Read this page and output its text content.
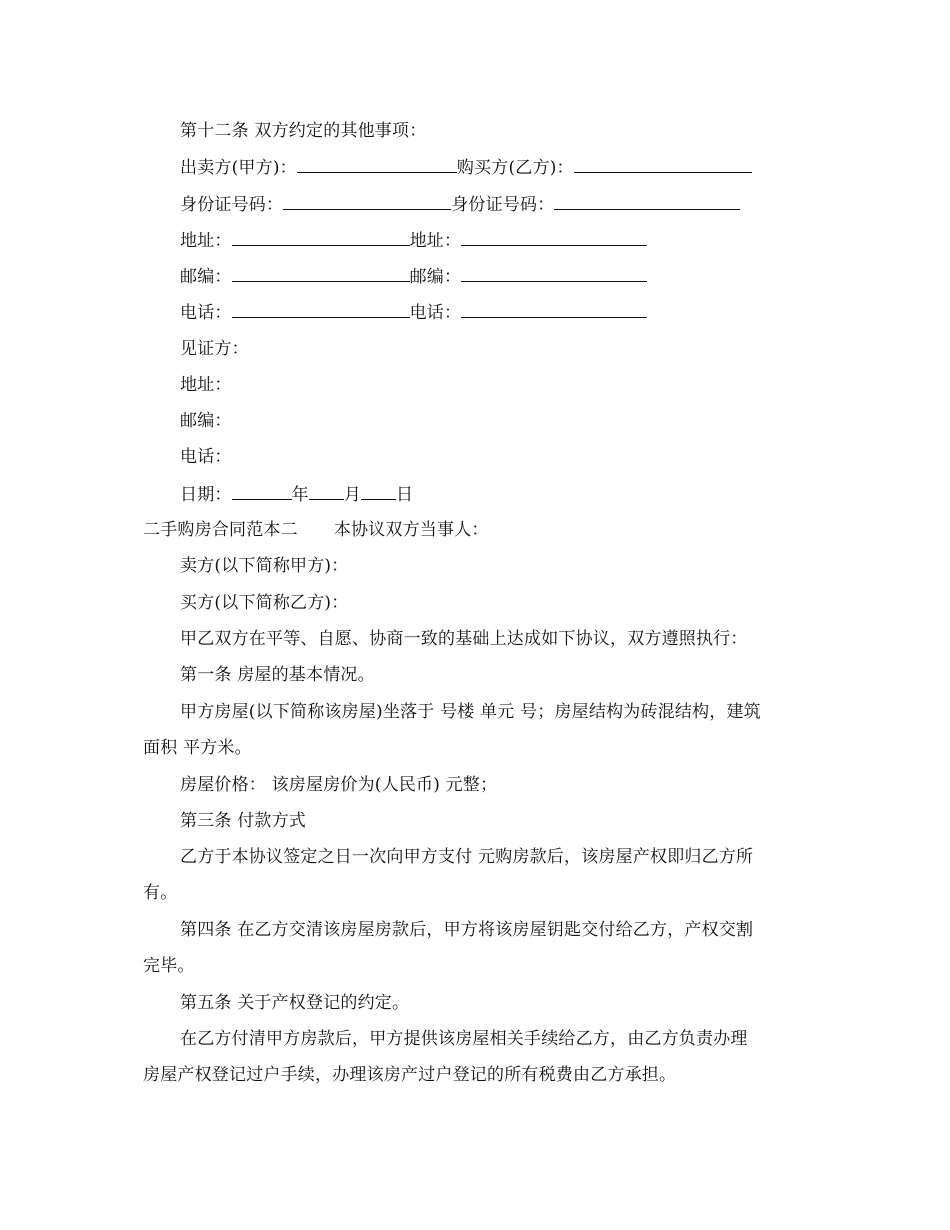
第十二条 双方约定的其他事项：
出卖方(甲方)：	购买方(乙方)：
身份证号码：	身份证号码：
地址：	地址：
邮编：	邮编：
电话：	电话：
见证方：
地址：
邮编：
电话：
日期：	年 月 日
二手购房合同范本二 本协议双方当事人：
卖方(以下简称甲方)：
买方(以下简称乙方)：
甲乙双方在平等、自愿、协商一致的基础上达成如下协议，双方遵照执行：
第一条 房屋的基本情况。
甲方房屋(以下简称该房屋)坐落于 号楼 单元 号；房屋结构为砖混结构，建筑
面积 平方米。
房屋价格： 该房屋房价为(人民币) 元整；
第三条 付款方式
乙方于本协议签定之日一次向甲方支付 元购房款后，该房屋产权即归乙方所
有。
第四条 在乙方交清该房屋房款后，甲方将该房屋钥匙交付给乙方，产权交割
完毕。
第五条 关于产权登记的约定。
在乙方付清甲方房款后，甲方提供该房屋相关手续给乙方，由乙方负责办理
房屋产权登记过户手续，办理该房产过户登记的所有税费由乙方承担。
